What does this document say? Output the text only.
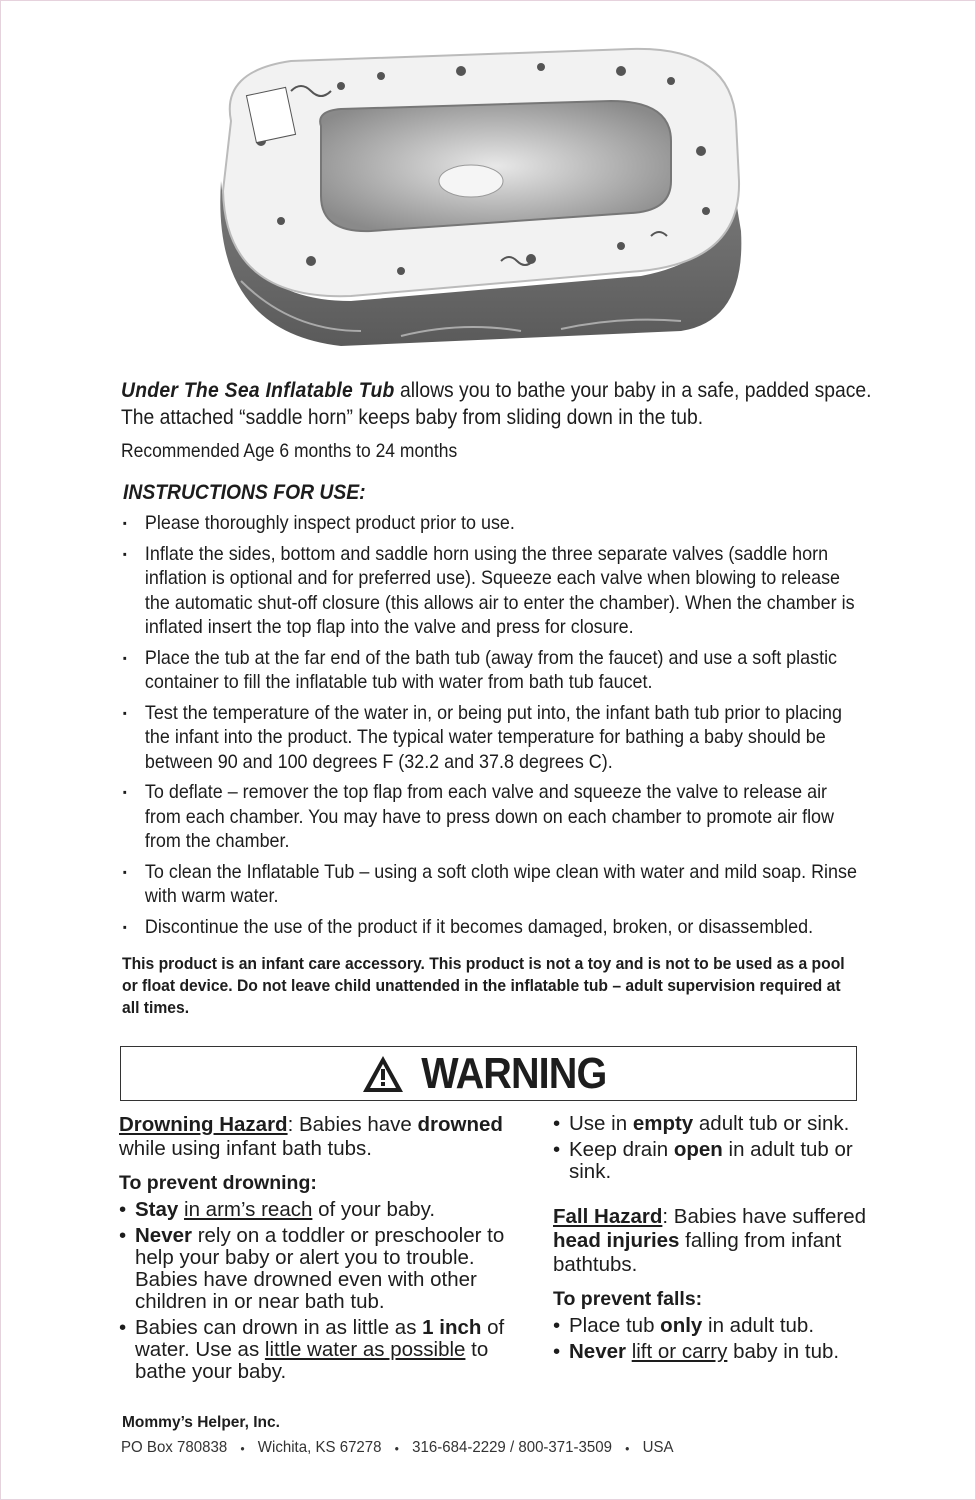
Under The Sea Inflatable Tub allows you to bathe your baby in a safe, padded space. The attached “saddle horn” keeps baby from sliding down in the tub.

Recommended Age 6 months to 24 months

INSTRUCTIONS FOR USE:
▪ Please thoroughly inspect product prior to use.
▪ Inflate the sides, bottom and saddle horn using the three separate valves (saddle horn inflation is optional and for preferred use). Squeeze each valve when blowing to release the automatic shut-off closure (this allows air to enter the chamber). When the chamber is inflated insert the top flap into the valve and press for closure.
▪ Place the tub at the far end of the bath tub (away from the faucet) and use a soft plastic container to fill the inflatable tub with water from bath tub faucet.
▪ Test the temperature of the water in, or being put into, the infant bath tub prior to placing the infant into the product. The typical water temperature for bathing a baby should be between 90 and 100 degrees F (32.2 and 37.8 degrees C).
▪ To deflate – remover the top flap from each valve and squeeze the valve to release air from each chamber. You may have to press down on each chamber to promote air flow from the chamber.
▪ To clean the Inflatable Tub – using a soft cloth wipe clean with water and mild soap. Rinse with warm water.
▪ Discontinue the use of the product if it becomes damaged, broken, or disassembled.

This product is an infant care accessory. This product is not a toy and is not to be used as a pool or float device. Do not leave child unattended in the inflatable tub – adult supervision required at all times.

WARNING

Drowning Hazard: Babies have drowned while using infant bath tubs.

To prevent drowning:

• Stay in arm’s reach of your baby.
• Never rely on a toddler or preschooler to help your baby or alert you to trouble. Babies have drowned even with other children in or near bath tub.
• Babies can drown in as little as 1 inch of water. Use as little water as possible to bathe your baby.
• Use in empty adult tub or sink.
• Keep drain open in adult tub or sink.

Fall Hazard: Babies have suffered head injuries falling from infant bathtubs.

To prevent falls:

• Place tub only in adult tub.
• Never lift or carry baby in tub.

Mommy’s Helper, Inc.

PO Box 780838 • Wichita, KS 67278 • 316-684-2229 / 800-371-3509 • USA
